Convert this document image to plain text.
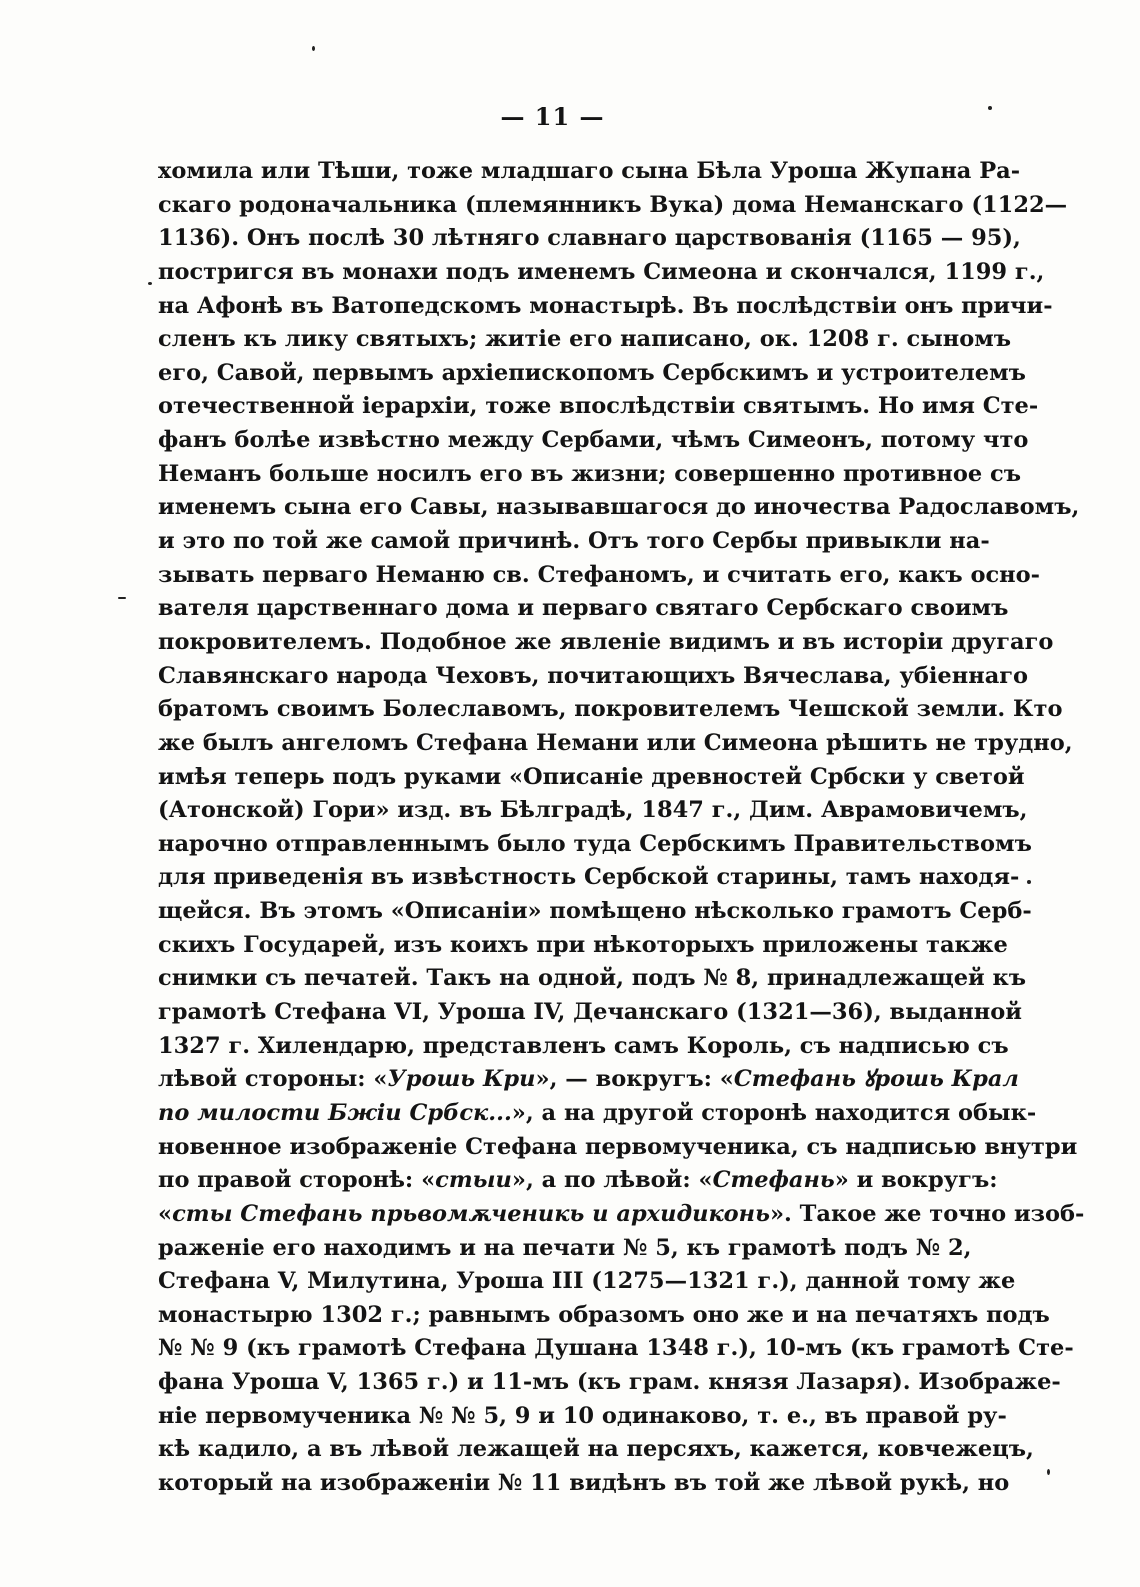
— 11 —
хомила или Тѣши, тоже младшаго сына Бѣла Уроша Жупана Ра-
скаго родоначальника (племянникъ Вука) дома Неманскаго (1122—
1136). Онъ послѣ 30 лѣтняго славнаго царствованія (1165 — 95),
постригся въ монахи подъ именемъ Симеона и скончался, 1199 г.,
на Афонѣ въ Ватопедскомъ монастырѣ. Въ послѣдствіи онъ причи-
сленъ къ лику святыхъ; житіе его написано, ок. 1208 г. сыномъ
его, Савой, первымъ архіепископомъ Сербскимъ и устроителемъ
отечественной іерархіи, тоже впослѣдствіи святымъ. Но имя Сте-
фанъ болѣе извѣстно между Сербами, чѣмъ Симеонъ, потому что
Неманъ больше носилъ его въ жизни; совершенно противное съ
именемъ сына его Савы, называвшагося до иночества Радославомъ,
и это по той же самой причинѣ. Отъ того Сербы привыкли на-
зывать перваго Неманю св. Стефаномъ, и считать его, какъ осно-
вателя царственнаго дома и перваго святаго Сербскаго своимъ
покровителемъ. Подобное же явленіе видимъ и въ исторіи другаго
Славянскаго народа Чеховъ, почитающихъ Вячеслава, убіеннаго
братомъ своимъ Болеславомъ, покровителемъ Чешской земли. Кто
же былъ ангеломъ Стефана Немани или Симеона рѣшить не трудно,
имѣя теперь подъ руками «Описаніе древностей Србски у светой
(Атонской) Гори» изд. въ Бѣлградѣ, 1847 г., Дим. Аврамовичемъ,
нарочно отправленнымъ было туда Сербскимъ Правительствомъ
для приведенія въ извѣстность Сербской старины, тамъ находя-
щейся. Въ этомъ «Описаніи» помѣщено нѣсколько грамотъ Серб-
скихъ Государей, изъ коихъ при нѣкоторыхъ приложены также
снимки съ печатей. Такъ на одной, подъ № 8, принадлежащей къ
грамотѣ Стефана VI, Уроша IV, Дечанскаго (1321—36), выданной
1327 г. Хилендарю, представленъ самъ Король, съ надписью съ
лѣвой стороны: «Урошь Кри», — вокругъ: «Стефань ꙋрошь Крал
по милости Бжіи Србск...», а на другой сторонѣ находится обык-
новенное изображеніе Стефана первомученика, съ надписью внутри
по правой сторонѣ: «стыи», а по лѣвой: «Стефань» и вокругъ:
«сты Стефань прьвомѫченикь и архидиконь». Такое же точно изоб-
раженіе его находимъ и на печати № 5, къ грамотѣ подъ № 2,
Стефана V, Милутина, Уроша III (1275—1321 г.), данной тому же
монастырю 1302 г.; равнымъ образомъ оно же и на печатяхъ подъ
№ № 9 (къ грамотѣ Стефана Душана 1348 г.), 10-мъ (къ грамотѣ Сте-
фана Уроша V, 1365 г.) и 11-мъ (къ грам. князя Лазаря). Изображе-
ніе первомученика № № 5, 9 и 10 одинаково, т. е., въ правой ру-
кѣ кадило, а въ лѣвой лежащей на персяхъ, кажется, ковчежецъ,
который на изображеніи № 11 видѣнъ въ той же лѣвой рукѣ, но
